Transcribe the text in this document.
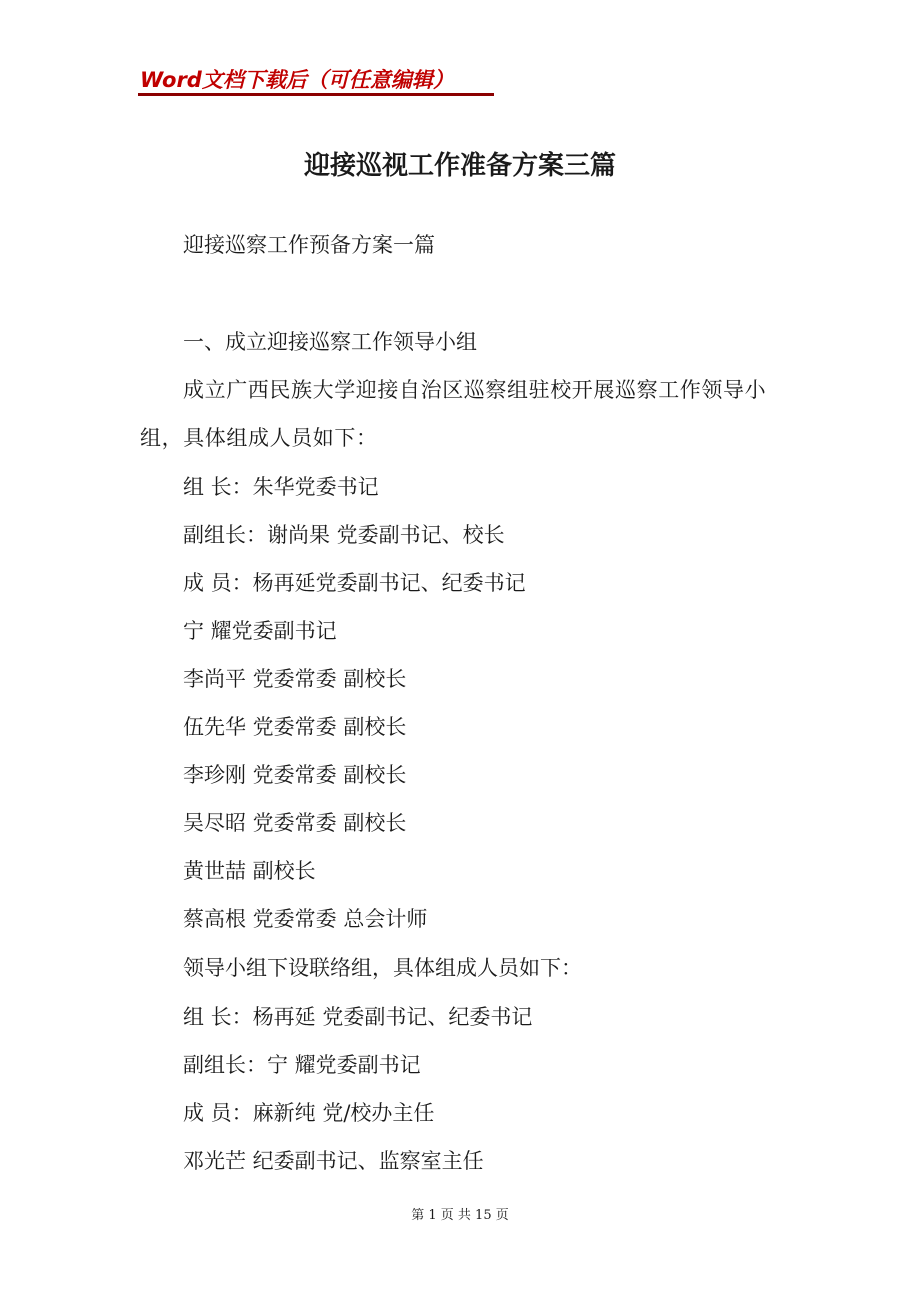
Word文档下载后（可任意编辑）
迎接巡视工作准备方案三篇
迎接巡察工作预备方案一篇
一、成立迎接巡察工作领导小组
成立广西民族大学迎接自治区巡察组驻校开展巡察工作领导小组，具体组成人员如下：
组 长：朱华党委书记
副组长：谢尚果 党委副书记、校长
成 员：杨再延党委副书记、纪委书记
宁 耀党委副书记
李尚平 党委常委 副校长
伍先华 党委常委 副校长
李珍刚 党委常委 副校长
吴尽昭 党委常委 副校长
黄世喆 副校长
蔡高根 党委常委 总会计师
领导小组下设联络组，具体组成人员如下：
组 长：杨再延 党委副书记、纪委书记
副组长：宁 耀党委副书记
成 员：麻新纯 党/校办主任
邓光芒 纪委副书记、监察室主任
第 1 页 共 15 页
